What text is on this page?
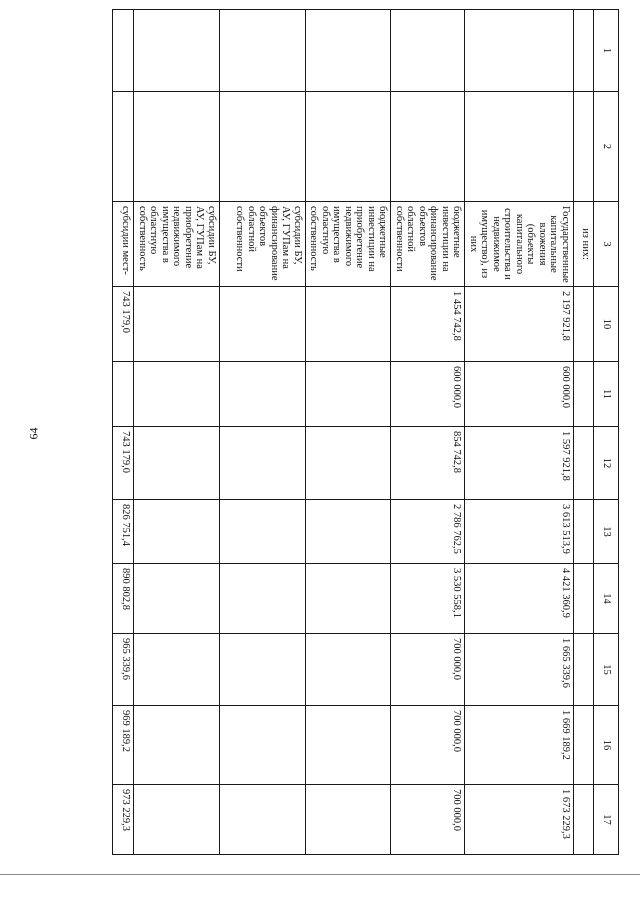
64
1	2	3	10	11	12	13	14	15	16	17
		из них:								
		Государственные капитальные вложения (объекты капитального строительства и недвижимое имущество), из них	2 197 921,8	600 000,0	1 597 921,8	3 613 513,9	4 421 360,9	1 665 339,6	1 669 189,2	1 673 229,3
		бюджетные инвестиции на финансирование объектов областной собственности	1 454 742,8	600 000,0	854 742,8	2 786 762,5	3 530 558,1	700 000,0	700 000,0	700 000,0
		бюджетные инвестиции на приобретение недвижимого имущества в областную собственность								
		субсидии БУ, АУ, ГУПам на финансирование объектов областной собственности								
		субсидии БУ, АУ, ГУПам на приобретение недвижимого имущества в областную собственность								
		субсидии мест-	743 179,0		743 179,0	826 751,4	890 802,8	965 339,6	969 189,2	973 229,3
